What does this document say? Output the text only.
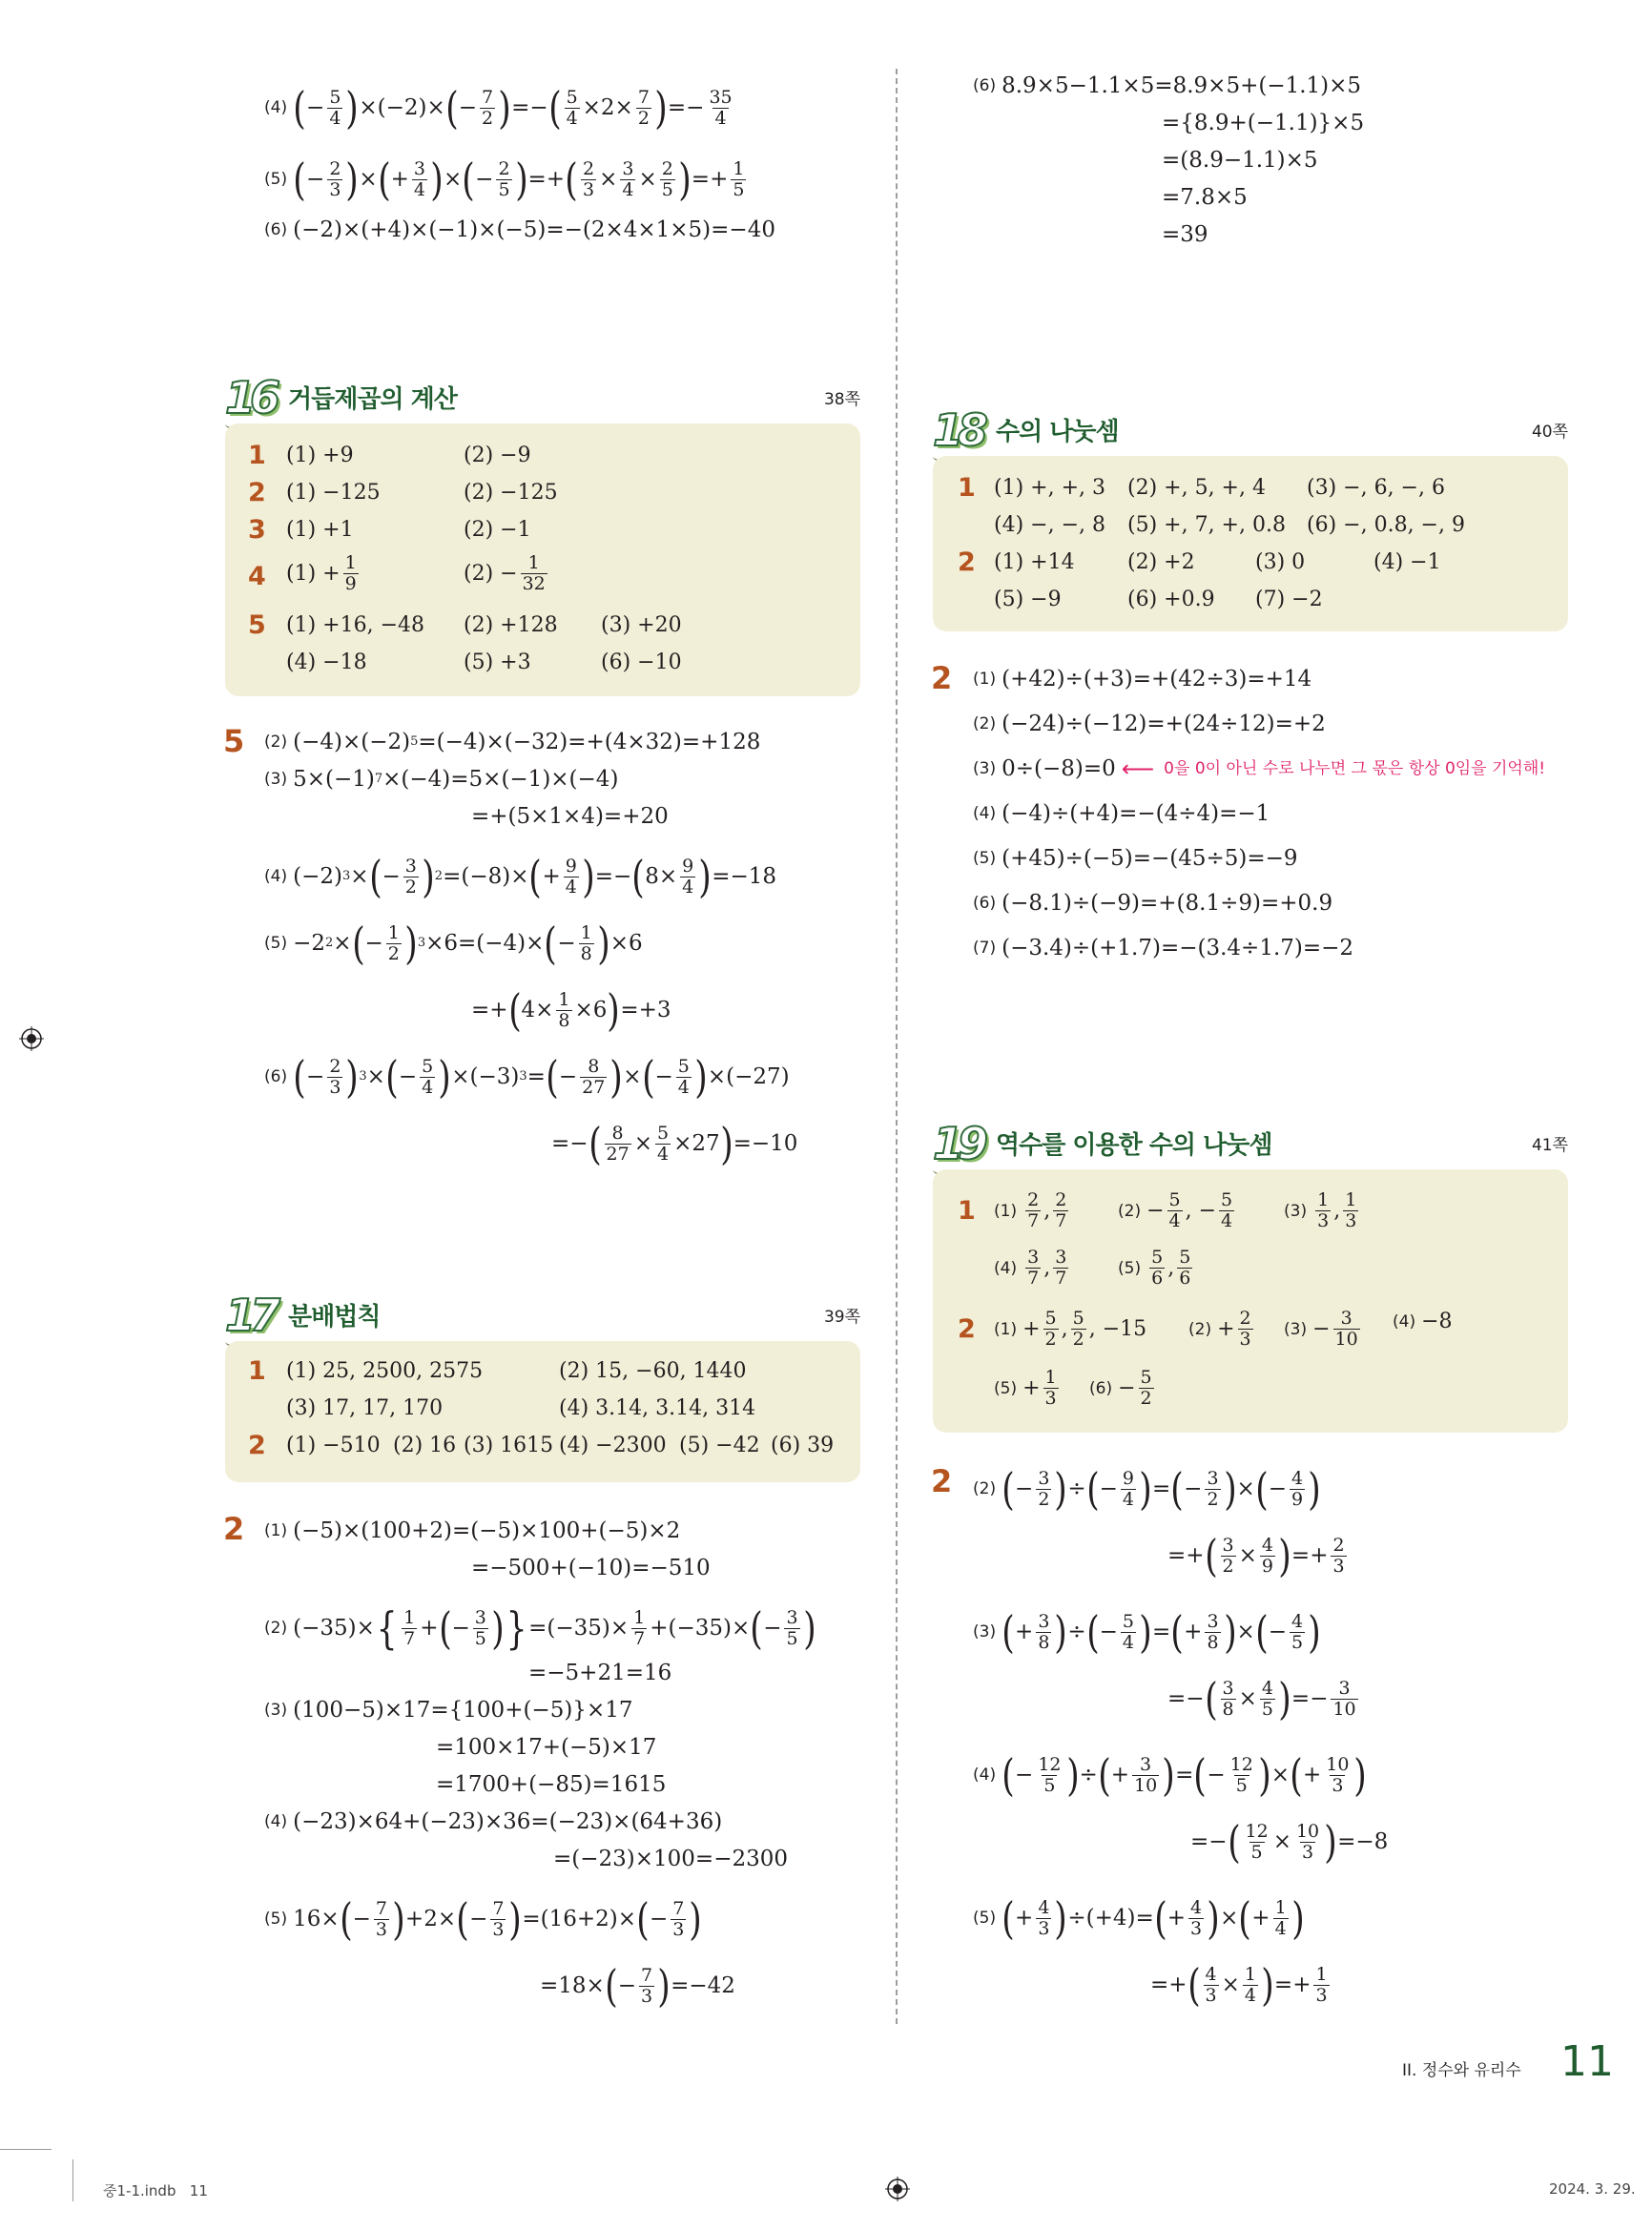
(4) ( − $\frac{5}{4}$ ) ×(−2)× ( − $\frac{7}{2}$ ) =− ( $\frac{5}{4} \times 2\times \frac{7}{2}$ ) =− $\frac{35}{4}$
(5) ( − $\frac{2}{3}$ ) × ( + $\frac{3}{4}$ ) × ( − $\frac{2}{5}$ ) =+ ( $\frac{2}{3} \times \frac{3}{4} \times \frac{2}{5}$ ) =+ $\frac{1}{5}$
(6) (−2)×(+4)×(−1)×(−5)=−(2×4×1×5)=−40
(6) 8.9×5−1.1×5=8.9×5+(−1.1)×5
={8.9+(−1.1)}×5
=(8.9−1.1)×5
=7.8×5
=39
16 거듭제곱의 계산	38쪽
1 (1) +9	(2) −9
2 (1) −125	(2) −125
3 (1) +1	(2) −1
4 $(1) + \frac{1}{9}$	$(2) - \frac{1}{32}$
5 (1) +16, −48 (2) +128 (3) +20
(4) −18	(5) +3	(6) −10
5 (2) (−4)×(−2) 5 =(−4)×(−32)=+(4×32)=+128
(3) 5×(−1) 7 ×(−4)=5×(−1)×(−4)
=+(5×1×4)=+20
(4) (−2) 3 × ( − $\frac{3}{2}$ ) 2 =(−8)× ( + $\frac{9}{4}$ ) =− ( $8\times \frac{9}{4}$ ) =−18
(5) −2 2 × ( − $\frac{1}{2}$ ) 3 ×6=(−4)× ( − $\frac{1}{8}$ ) ×6
=+ ( $4\times \frac{1}{8} \times 6$ ) =+3
(6) ( − $\frac{2}{3}$ ) 3 × ( − $\frac{5}{4}$ ) ×(−3) 3 = ( − $\frac{8}{27}$ ) × ( − $\frac{5}{4}$ ) ×(−27)
=− ( $\frac{8}{27} \times \frac{5}{4} \times 27$ ) =−10
17 분배법칙	39쪽
1 (1) 25, 2500, 2575	(2) 15, −60, 1440
(3) 17, 17, 170	(4) 3.14, 3.14, 314
2 (1) −510 (2) 16 (3) 1615 (4) −2300 (5) −42 (6) 39
2 (1) (−5)×(100+2)=(−5)×100+(−5)×2
=−500+(−10)=−510
(2) (−35)× { $\frac{1}{7}$ + ( − $\frac{3}{5}$ ) } $=(-35)\times \frac{1}{7} +(-35)\times$ ( − $\frac{3}{5}$ )
=−5+21=16
(3) (100−5)×17={100+(−5)}×17
=100×17+(−5)×17
=1700+(−85)=1615
(4) (−23)×64+(−23)×36=(−23)×(64+36)
=(−23)×100=−2300
(5) 16× ( − $\frac{7}{3}$ ) +2× ( − $\frac{7}{3}$ ) =(16+2)× ( − $\frac{7}{3}$ )
=18× ( − $\frac{7}{3}$ ) =−42
18 수의 나눗셈	40쪽
1 (1) +, +, 3 (2) +, 5, +, 4 (3) −, 6, −, 6
(4) −, −, 8 (5) +, 7, +, 0.8 (6) −, 0.8, −, 9
2 (1) +14	(2) +2	(3) 0	(4) −1
(5) −9	(6) +0.9 (7) −2
2 (1) (+42)÷(+3)=+(42÷3)=+14
(2) (−24)÷(−12)=+(24÷12)=+2
(3) 0÷(−8)=0 ⟵ 0을 0이 아닌 수로 나누면 그 몫은 항상 0임을 기억해!
(4) (−4)÷(+4)=−(4÷4)=−1
(5) (+45)÷(−5)=−(45÷5)=−9
(6) (−8.1)÷(−9)=+(8.1÷9)=+0.9
(7) (−3.4)÷(+1.7)=−(3.4÷1.7)=−2
19 역수를 이용한 수의 나눗셈	41쪽
1 $(1) \frac{2}{7}$ , $\frac{2}{7}$	$(2) - \frac{5}{4}$ , − $\frac{5}{4}$	$(3) \frac{1}{3}$ , $\frac{1}{3}$
$(4) \frac{3}{7}$ , $\frac{3}{7}$	$(5) \frac{5}{6}$ , $\frac{5}{6}$
2 $(1) + \frac{5}{2}$ , $\frac{5}{2}$ , −15	$(2) + \frac{2}{3} (3) - \frac{3}{10} (4) -8$
$(5) + \frac{1}{3} (6) - \frac{5}{2}$
2 (2) ( − $\frac{3}{2}$ ) ÷ ( − $\frac{9}{4}$ ) = ( − $\frac{3}{2}$ ) × ( − $\frac{4}{9}$ )
=+ ( $\frac{3}{2} \times \frac{4}{9}$ ) =+ $\frac{2}{3}$
(3) ( + $\frac{3}{8}$ ) ÷ ( − $\frac{5}{4}$ ) = ( + $\frac{3}{8}$ ) × ( − $\frac{4}{5}$ )
=− ( $\frac{3}{8} \times \frac{4}{5}$ ) =− $\frac{3}{10}$
(4) ( − $\frac{12}{5}$ ) ÷ ( + $\frac{3}{10}$ ) = ( − $\frac{12}{5}$ ) × ( + $\frac{10}{3}$ )
=− ( $\frac{12}{5} \times \frac{10}{3}$ ) =−8
(5) ( + $\frac{4}{3}$ ) ÷(+4)= ( + $\frac{4}{3}$ ) × ( + $\frac{1}{4}$ )
=+ ( $\frac{4}{3} \times \frac{1}{4}$ ) =+ $\frac{1}{3}$
II. 정수와 유리수 11
중1-1.indb   11	2024. 3. 29.
